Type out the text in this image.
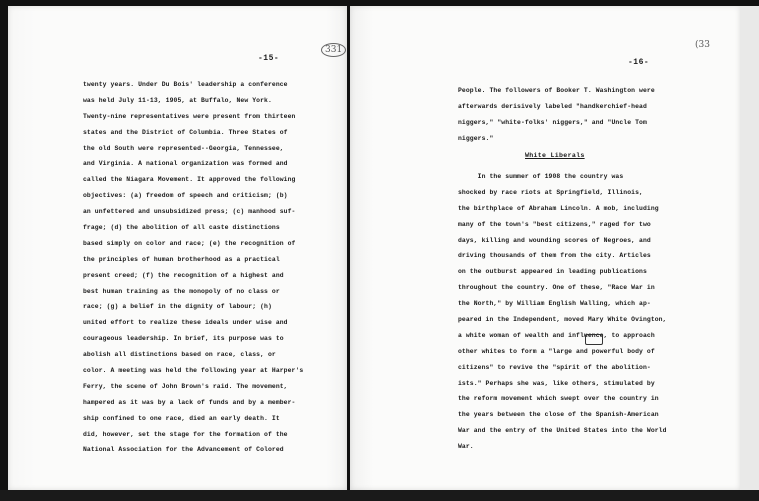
-15-
331
twenty years. Under Du Bois' leadership a conference
was held July 11-13, 1905, at Buffalo, New York.
Twenty-nine representatives were present from thirteen
states and the District of Columbia. Three States of
the old South were represented--Georgia, Tennessee,
and Virginia. A national organization was formed and
called the Niagara Movement. It approved the following
objectives: (a) freedom of speech and criticism; (b)
an unfettered and unsubsidized press; (c) manhood suf-
frage; (d) the abolition of all caste distinctions
based simply on color and race; (e) the recognition of
the principles of human brotherhood as a practical
present creed; (f) the recognition of a highest and
best human training as the monopoly of no class or
race; (g) a belief in the dignity of labour; (h)
united effort to realize these ideals under wise and
courageous leadership. In brief, its purpose was to
abolish all distinctions based on race, class, or
color. A meeting was held the following year at Harper's
Ferry, the scene of John Brown's raid. The movement,
hampered as it was by a lack of funds and by a member-
ship confined to one race, died an early death. It
did, however, set the stage for the formation of the
National Association for the Advancement of Colored
-16-
(33
People. The followers of Booker T. Washington were
afterwards derisively labeled "handkerchief-head
niggers," "white-folks' niggers," and "Uncle Tom
niggers."
White Liberals
In the summer of 1908 the country was
shocked by race riots at Springfield, Illinois,
the birthplace of Abraham Lincoln. A mob, including
many of the town's "best citizens," raged for two
days, killing and wounding scores of Negroes, and
driving thousands of them from the city. Articles
on the outburst appeared in leading publications
throughout the country. One of these, "Race War in
the North," by William English Walling, which ap-
peared in the Independent, moved Mary White Ovington,
a white woman of wealth and influence, to approach
other whites to form a "large and powerful body of
citizens" to revive the "spirit of the abolition-
ists." Perhaps she was, like others, stimulated by
the reform movement which swept over the country in
the years between the close of the Spanish-American
War and the entry of the United States into the World
War.
